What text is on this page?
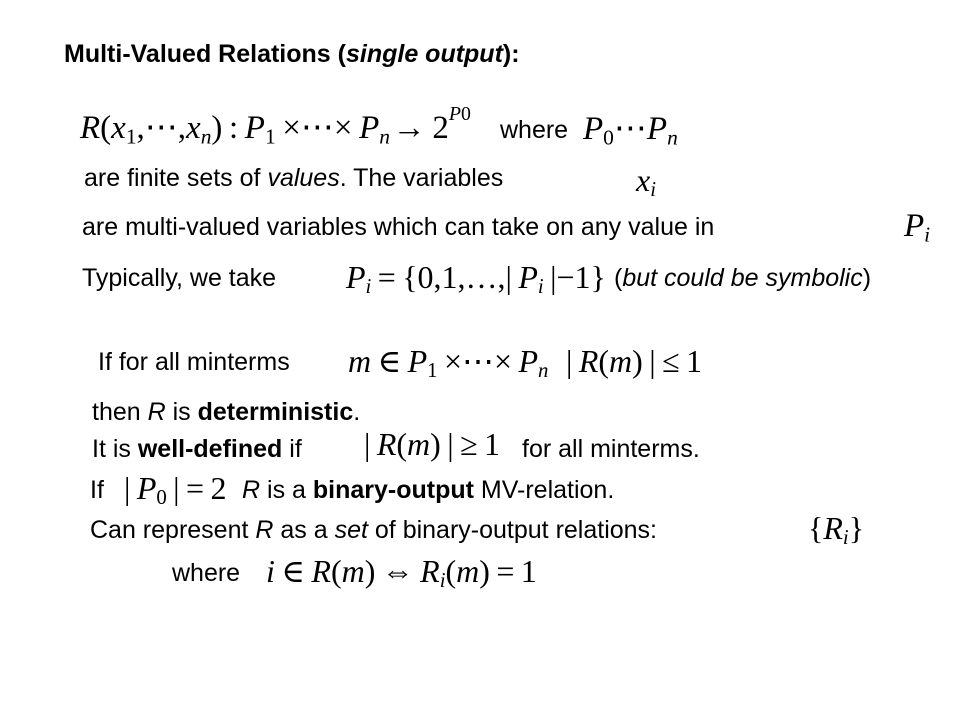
Multi-Valued Relations (single output):
$R(x_1,\cdots,x_n)$ : $P_1$ ×⋯× $P_n$ → $2^{P0}$
where $P_0\cdots P_n$
are finite sets of values. The variables	$x_i$
are multi-valued variables which can take on any value in	$P_i$
Typically, we take $P_i$ = {0,1,…,| $P_i$ |−1} (but could be symbolic)
If for all minterms m ∈ $P_1$ ×⋯× $P_n$ | R(m) | ≤ 1
then R is deterministic.
It is well-defined if | R(m) | ≥ 1 for all minterms.
If | $P_0$ | = 2 R is a binary-output MV-relation.
Can represent R as a set of binary-output relations:	$\{R_i\}$
where i ∈ R(m) ⇔ $R_i(m) = 1$
